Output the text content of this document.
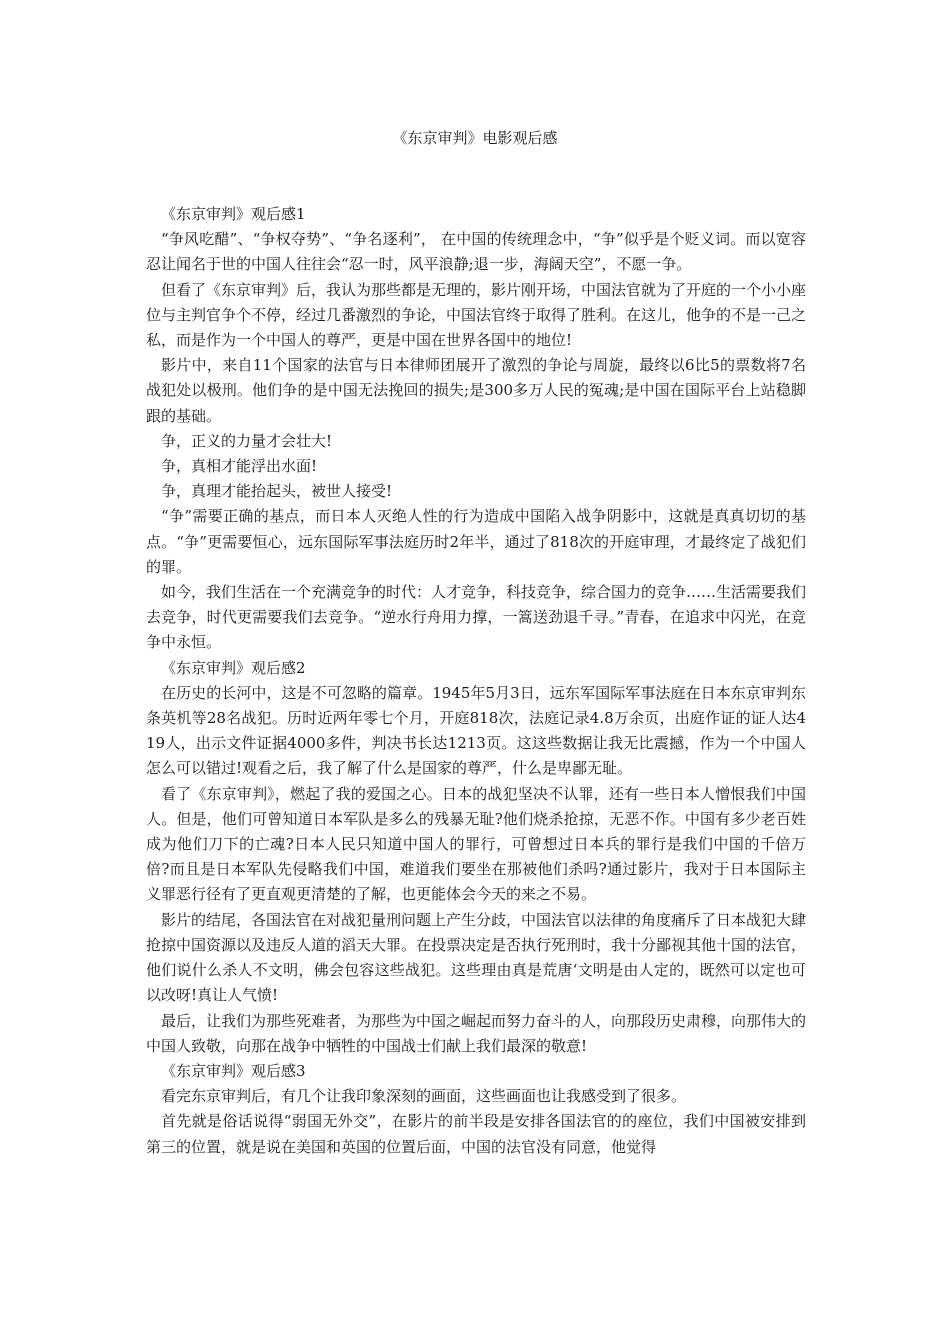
《东京审判》电影观后感

《东京审判》观后感1

“争风吃醋”、“争权夺势”、“争名逐利”， 在中国的传统理念中，“争”似乎是个贬义词。而以宽容忍让闻名于世的中国人往往会“忍一时，风平浪静;退一步，海阔天空”，不愿一争。

但看了《东京审判》后，我认为那些都是无理的，影片刚开场，中国法官就为了开庭的一个小小座位与主判官争个不停，经过几番激烈的争论，中国法官终于取得了胜利。在这儿，他争的不是一己之私，而是作为一个中国人的尊严，更是中国在世界各国中的地位!

影片中，来自11个国家的法官与日本律师团展开了激烈的争论与周旋，最终以6比5的票数将7名战犯处以极刑。他们争的是中国无法挽回的损失;是300多万人民的冤魂;是中国在国际平台上站稳脚跟的基础。

争，正义的力量才会壮大!

争，真相才能浮出水面!

争，真理才能抬起头，被世人接受!

“争”需要正确的基点，而日本人灭绝人性的行为造成中国陷入战争阴影中，这就是真真切切的基点。“争”更需要恒心，远东国际军事法庭历时2年半，通过了818次的开庭审理，才最终定了战犯们的罪。

如今，我们生活在一个充满竞争的时代：人才竞争，科技竞争，综合国力的竞争……生活需要我们去竞争，时代更需要我们去竞争。“逆水行舟用力撑，一篙送劲退千寻。”青春，在追求中闪光，在竞争中永恒。

《东京审判》观后感2

在历史的长河中，这是不可忽略的篇章。1945年5月3日，远东军国际军事法庭在日本东京审判东条英机等28名战犯。历时近两年零七个月，开庭818次，法庭记录4.8万余页，出庭作证的证人达419人，出示文件证据4000多件，判决书长达1213页。这这些数据让我无比震撼，作为一个中国人怎么可以错过!观看之后，我了解了什么是国家的尊严，什么是卑鄙无耻。

看了《东京审判》，燃起了我的爱国之心。日本的战犯坚决不认罪，还有一些日本人憎恨我们中国人。但是，他们可曾知道日本军队是多么的残暴无耻?他们烧杀抢掠，无恶不作。中国有多少老百姓成为他们刀下的亡魂?日本人民只知道中国人的罪行，可曾想过日本兵的罪行是我们中国的千倍万倍?而且是日本军队先侵略我们中国，难道我们要坐在那被他们杀吗?通过影片，我对于日本国际主义罪恶行径有了更直观更清楚的了解，也更能体会今天的来之不易。

影片的结尾，各国法官在对战犯量刑问题上产生分歧，中国法官以法律的角度痛斥了日本战犯大肆抢掠中国资源以及违反人道的滔天大罪。在投票决定是否执行死刑时，我十分鄙视其他十国的法官，他们说什么杀人不文明，佛会包容这些战犯。这些理由真是荒唐‘文明是由人定的，既然可以定也可以改呀!真让人气愤!

最后，让我们为那些死难者，为那些为中国之崛起而努力奋斗的人，向那段历史肃穆，向那伟大的中国人致敬，向那在战争中牺牲的中国战士们献上我们最深的敬意!

《东京审判》观后感3

看完东京审判后，有几个让我印象深刻的画面，这些画面也让我感受到了很多。

首先就是俗话说得“弱国无外交”，在影片的前半段是安排各国法官的的座位，我们中国被安排到第三的位置，就是说在美国和英国的位置后面，中国的法官没有同意，他觉得
